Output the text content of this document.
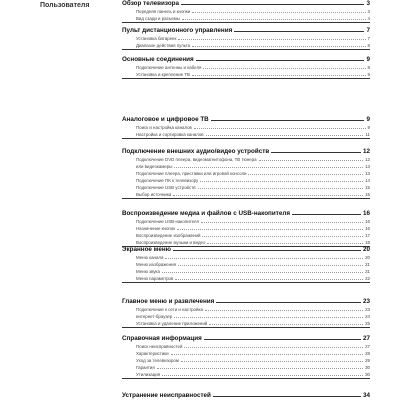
Пользователя	Обзор телевизора	3
Передняя панель и кнопки	3
Вид сзади и разъемы	4
Пульт дистанционного управления	7
Установка батареек	7
Диапазон действия пульта	8
Основные соединения	9
Подключение антенны и кабеля	9
Установка и крепление ТВ	9
Аналоговое и цифровое ТВ	9
Поиск и настройка каналов	9
Настройка и сортировка каналов	11
Подключение внешних аудио/видео устройств	12
Подключение DVD плеера, видеомагнитофона, ТВ тюнера	12
или видеокамеры	13
Подключение плеера, приставки или игровой консоли	13
Подключение ПК к телевизору	14
Подключение USB устройств	15
Выбор источника	15
Воспроизведение медиа и файлов с USB-накопителя	16
Подключение USB-накопителя	16
Назначение кнопок	16
Воспроизведение изображений	17
Воспроизведение музыки и видео	18
Экранное меню	20
Меню канала	20
Меню изображения	21
Меню звука	21
Меню параметров	22
Главное меню и развлечения	23
Подключение к сети и настройка	23
интернет-браузер	24
Установка и удаление приложений	25
Справочная информация	27
Поиск неисправностей	27
Характеристики	28
Уход за телевизором	29
Гарантия	30
Утилизация	30
Устранение неисправностей	34
